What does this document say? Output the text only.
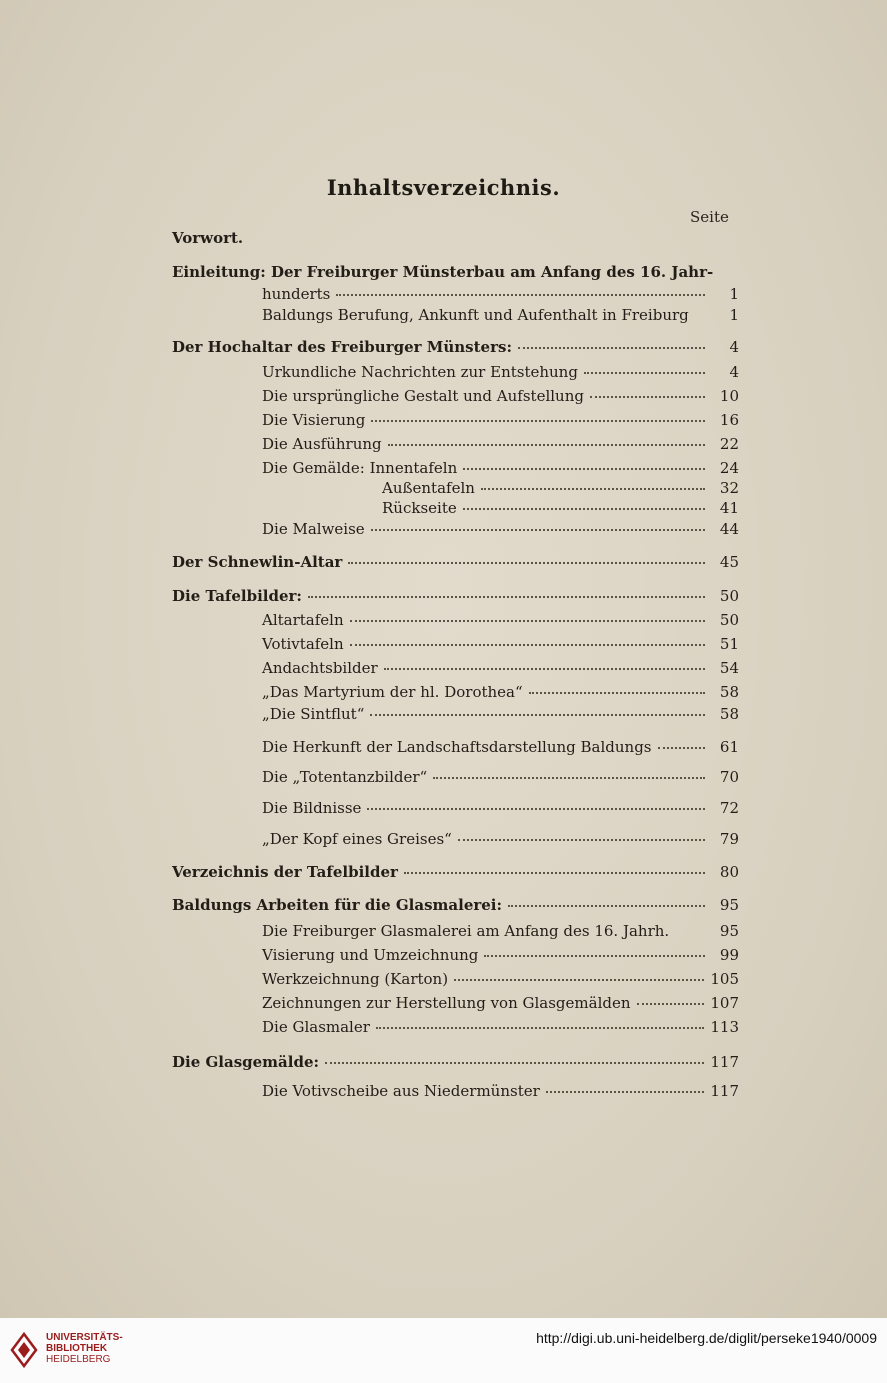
Inhaltsverzeichnis.
Seite
Vorwort.
Einleitung: Der Freiburger Münsterbau am Anfang des 16. Jahr-
hunderts	1
Baldungs Berufung, Ankunft und Aufenthalt in Freiburg	1
Der Hochaltar des Freiburger Münsters:	4
Urkundliche Nachrichten zur Entstehung	4
Die ursprüngliche Gestalt und Aufstellung	10
Die Visierung	16
Die Ausführung	22
Die Gemälde: Innentafeln	24
Außentafeln	32
Rückseite	41
Die Malweise	44
Der Schnewlin-Altar	45
Die Tafelbilder:	50
Altartafeln	50
Votivtafeln	51
Andachtsbilder	54
„Das Martyrium der hl. Dorothea“	58
„Die Sintflut“	58
Die Herkunft der Landschaftsdarstellung Baldungs	61
Die „Totentanzbilder“	70
Die Bildnisse	72
„Der Kopf eines Greises“	79
Verzeichnis der Tafelbilder	80
Baldungs Arbeiten für die Glasmalerei:	95
Die Freiburger Glasmalerei am Anfang des 16. Jahrh.	95
Visierung und Umzeichnung	99
Werkzeichnung (Karton)	105
Zeichnungen zur Herstellung von Glasgemälden	107
Die Glasmaler	113
Die Glasgemälde:	117
Die Votivscheibe aus Niedermünster	117
UNIVERSITÄTS-
BIBLIOTHEK
HEIDELBERG
http://digi.ub.uni-heidelberg.de/diglit/perseke1940/0009
